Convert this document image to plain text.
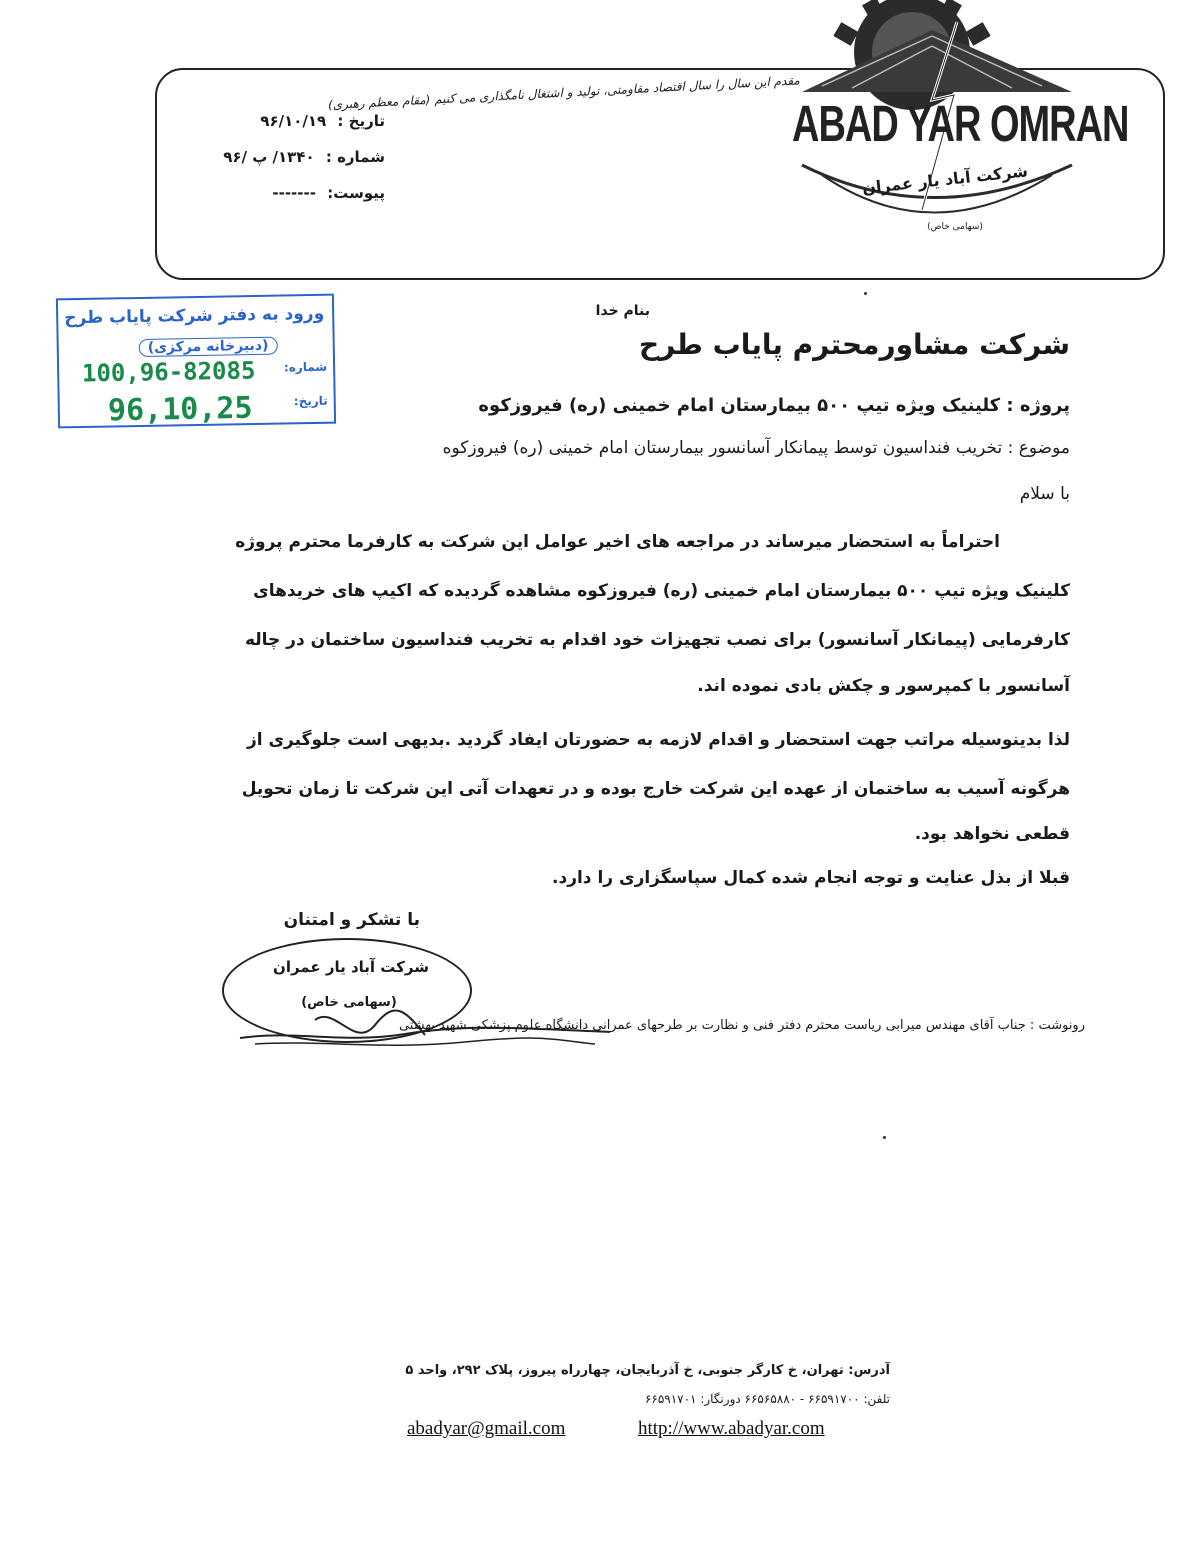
مقدم این سال را سال اقتصاد مقاومتی، تولید و اشتغال نامگذاری می کنیم (مقام معظم رهبری)
تاریخ : ۹۶/۱۰/۱۹
شماره : ۱۳۴۰/ پ /۹۶
پیوست: -------
ABAD YAR OMRAN
شرکت آباد یار عمران
(سهامی خاص)
ورود به دفتر شرکت پایاب طرح
(دبیرخانه مرکزی)
شماره:
تاریخ:
100,96-82085
96,10,25
بنام خدا
شرکت مشاورمحترم پایاب طرح
پروژه : کلینیک ویژه تیپ ۵۰۰ بیمارستان امام خمینی (ره) فیروزکوه
موضوع : تخریب فنداسیون توسط پیمانکار آسانسور بیمارستان امام خمینی (ره) فیروزکوه
با سلام
احتراماً به استحضار میرساند در مراجعه های اخیر عوامل این شرکت به کارفرما محترم پروژه
کلینیک ویژه تیپ ۵۰۰ بیمارستان امام خمینی (ره) فیروزکوه مشاهده گردیده که اکیپ های خریدهای
کارفرمایی (پیمانکار آسانسور) برای نصب تجهیزات خود اقدام به تخریب فنداسیون ساختمان در چاله
آسانسور با کمپرسور و چکش بادی نموده اند.
لذا بدینوسیله مراتب جهت استحضار و اقدام لازمه به حضورتان ایفاد گردید .بدیهی است جلوگیری از
هرگونه آسیب به ساختمان از عهده این شرکت خارج بوده و در تعهدات آتی این شرکت تا زمان تحویل
قطعی نخواهد بود.
قبلا از بذل عنایت و توجه انجام شده کمال سپاسگزاری را دارد.
با تشکر و امتنان
شرکت آباد یار عمران
(سهامی خاص)
رونوشت : جناب آقای مهندس میرابی ریاست محترم دفتر فنی و نظارت بر طرحهای عمرانی دانشگاه علوم پزشکی شهید بهشتی
آدرس: تهران، خ کارگر جنوبی، خ آذربایجان، چهارراه پیروز، پلاک ۲۹۲، واحد ۵
تلفن: ۶۶۵۹۱۷۰۰ - ۶۶۵۶۵۸۸۰ دورنگار: ۶۶۵۹۱۷۰۱
abadyar@gmail.com	http://www.abadyar.com
